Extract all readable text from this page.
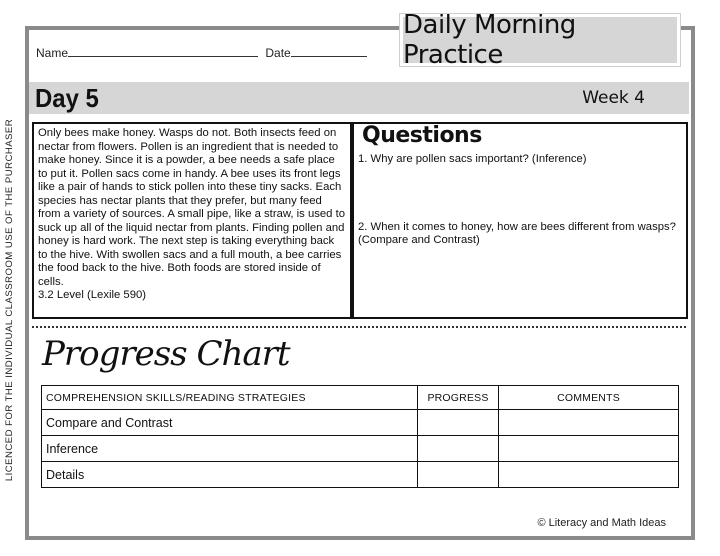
LICENCED FOR THE INDIVIDUAL CLASSROOM USE OF THE PURCHASER
Daily Morning Practice
Name	Date
Day 5	Week 4
Only bees make honey. Wasps do not. Both insects feed on nectar from flowers. Pollen is an ingredient that is needed to make honey. Since it is a powder, a bee needs a safe place to put it. Pollen sacs come in handy. A bee uses its front legs like a pair of hands to stick pollen into these tiny sacks. Each species has nectar plants that they prefer, but many feed from a variety of sources. A small pipe, like a straw, is used to suck up all of the liquid nectar from plants. Finding pollen and honey is hard work. The next step is taking everything back to the hive. With swollen sacs and a full mouth, a bee carries the food back to the hive. Both foods are stored inside of cells.
3.2 Level (Lexile 590)
Questions
1. Why are pollen sacs important? (Inference)
2. When it comes to honey, how are bees different from wasps? (Compare and Contrast)
Progress Chart
COMPREHENSION SKILLS/READING STRATEGIES	PROGRESS	COMMENTS
Compare and Contrast		
Inference		
Details		
© Literacy and Math Ideas
